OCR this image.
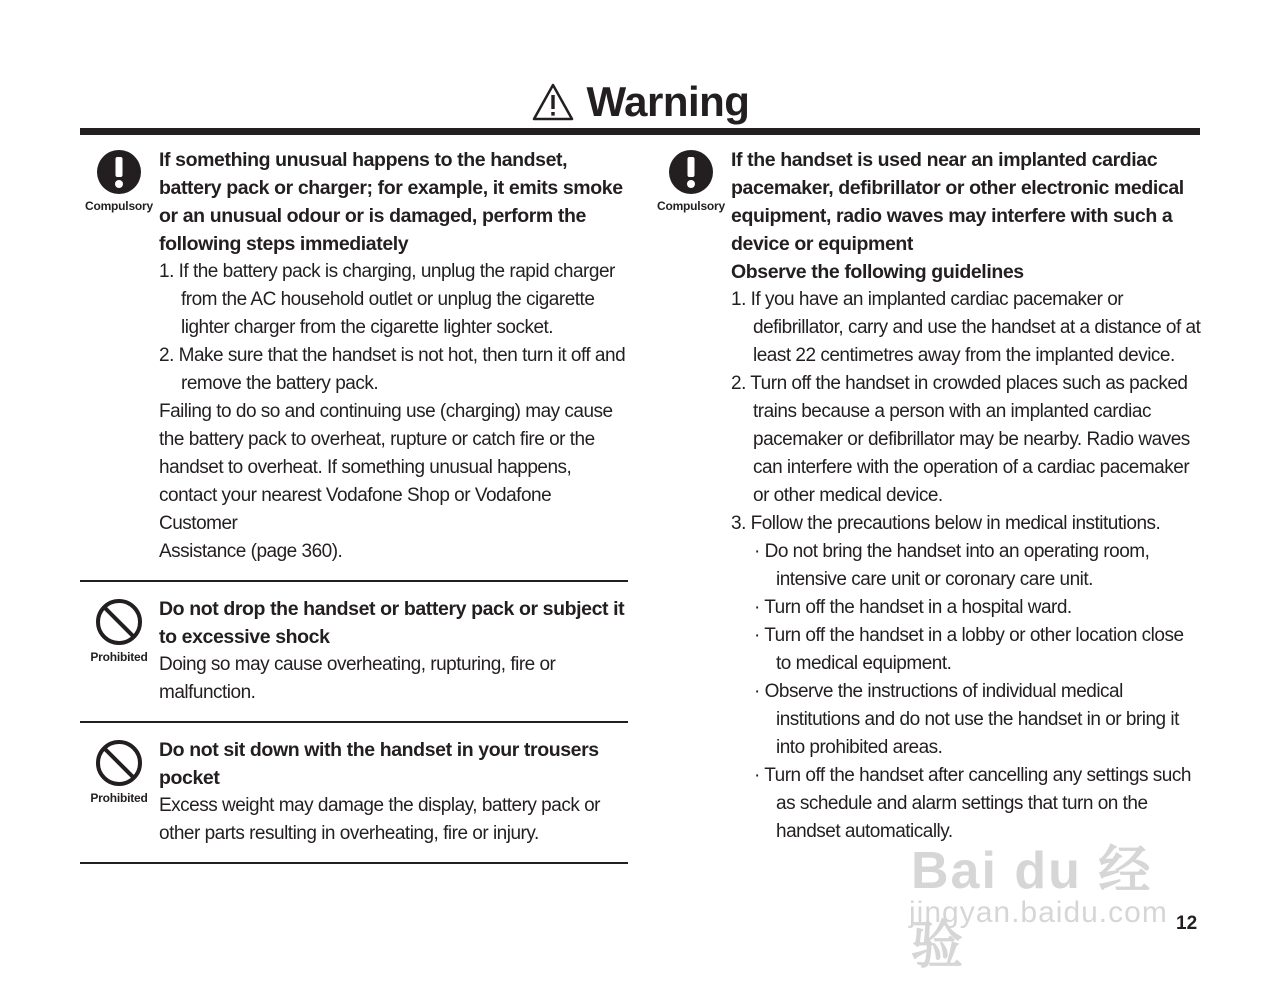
Warning
Compulsory

If something unusual happens to the handset,

battery pack or charger; for example, it emits smoke

or an unusual odour or is damaged, perform the

following steps immediately

1. If the battery pack is charging, unplug the rapid charger from the AC household outlet or unplug the cigarette lighter charger from the cigarette lighter socket.

2. Make sure that the handset is not hot, then turn it off and remove the battery pack.

Failing to do so and continuing use (charging) may cause

the battery pack to overheat, rupture or catch fire or the

handset to overheat. If something unusual happens,

contact your nearest Vodafone Shop or Vodafone Customer

Assistance (page 360).

Prohibited

Do not drop the handset or battery pack or subject it

to excessive shock

Doing so may cause overheating, rupturing, fire or

malfunction.

Prohibited

Do not sit down with the handset in your trousers

pocket

Excess weight may damage the display, battery pack or

other parts resulting in overheating, fire or injury.

Compulsory

If the handset is used near an implanted cardiac

pacemaker, defibrillator or other electronic medical

equipment, radio waves may interfere with such a

device or equipment

Observe the following guidelines

1. If you have an implanted cardiac pacemaker or defibrillator, carry and use the handset at a distance of at least 22 centimetres away from the implanted device.

2. Turn off the handset in crowded places such as packed trains because a person with an implanted cardiac pacemaker or defibrillator may be nearby. Radio waves can interfere with the operation of a cardiac pacemaker or other medical device.

3. Follow the precautions below in medical institutions.

· Do not bring the handset into an operating room, intensive care unit or coronary care unit.

· Turn off the handset in a hospital ward.

· Turn off the handset in a lobby or other location close to medical equipment.

· Observe the instructions of individual medical institutions and do not use the handset in or bring it into prohibited areas.

· Turn off the handset after cancelling any settings such as schedule and alarm settings that turn on the handset automatically.

Bai du 经验
jingyan.baidu.com 12
